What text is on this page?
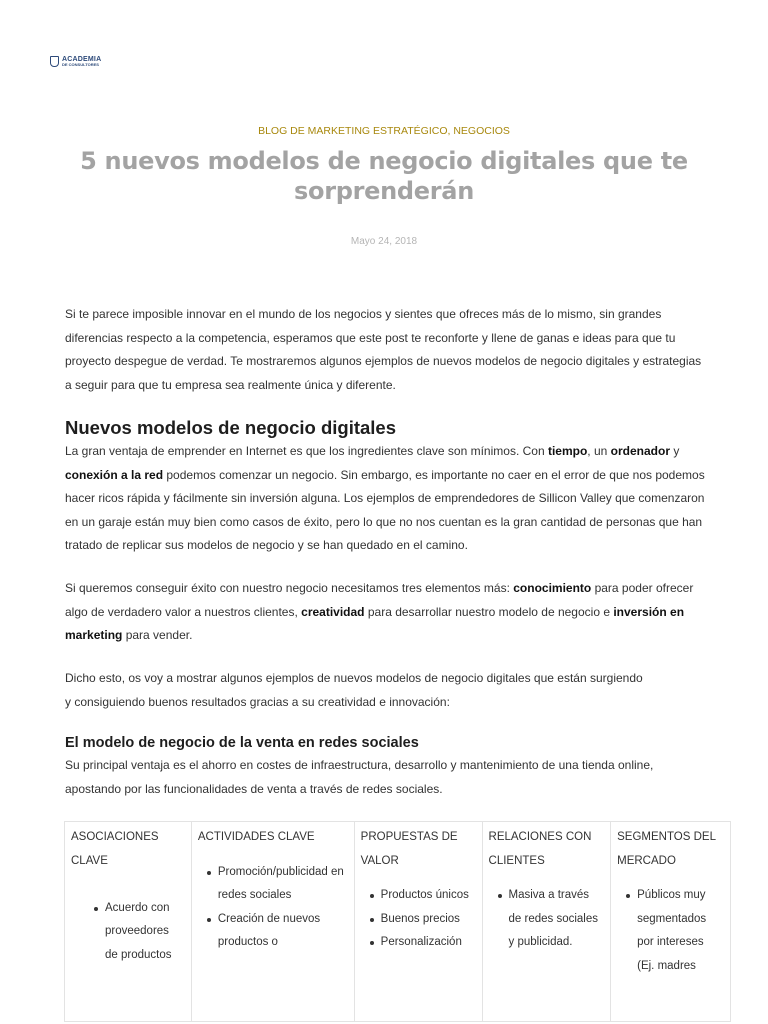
ACADEMIA
DE CONSULTORES
BLOG DE MARKETING ESTRATÉGICO, NEGOCIOS
5 nuevos modelos de negocio digitales que te sorprenderán
Mayo 24, 2018

Si te parece imposible innovar en el mundo de los negocios y sientes que ofreces más de lo mismo, sin grandes diferencias respecto a la competencia, esperamos que este post te reconforte y llene de ganas e ideas para que tu proyecto despegue de verdad. Te mostraremos algunos ejemplos de nuevos modelos de negocio digitales y estrategias a seguir para que tu empresa sea realmente única y diferente.

Nuevos modelos de negocio digitales

La gran ventaja de emprender en Internet es que los ingredientes clave son mínimos. Con tiempo, un ordenador y conexión a la red podemos comenzar un negocio. Sin embargo, es importante no caer en el error de que nos podemos hacer ricos rápida y fácilmente sin inversión alguna. Los ejemplos de emprendedores de Sillicon Valley que comenzaron en un garaje están muy bien como casos de éxito, pero lo que no nos cuentan es la gran cantidad de personas que han tratado de replicar sus modelos de negocio y se han quedado en el camino.

Si queremos conseguir éxito con nuestro negocio necesitamos tres elementos más: conocimiento para poder ofrecer algo de verdadero valor a nuestros clientes, creatividad para desarrollar nuestro modelo de negocio e inversión en marketing para vender.

Dicho esto, os voy a mostrar algunos ejemplos de nuevos modelos de negocio digitales que están surgiendo
y consiguiendo buenos resultados gracias a su creatividad e innovación:

El modelo de negocio de la venta en redes sociales

Su principal ventaja es el ahorro en costes de infraestructura, desarrollo y mantenimiento de una tienda online, apostando por las funcionalidades de venta a través de redes sociales.

ASOCIACIONES CLAVE
Acuerdo con proveedores de productos

ACTIVIDADES CLAVE
Promoción/publicidad en redes sociales
Creación de nuevos productos o

PROPUESTAS DE VALOR
Productos únicos
Buenos precios
Personalización

RELACIONES CON CLIENTES
Masiva a través de redes sociales y publicidad.

SEGMENTOS DEL MERCADO
Públicos muy segmentados por intereses (Ej. madres
